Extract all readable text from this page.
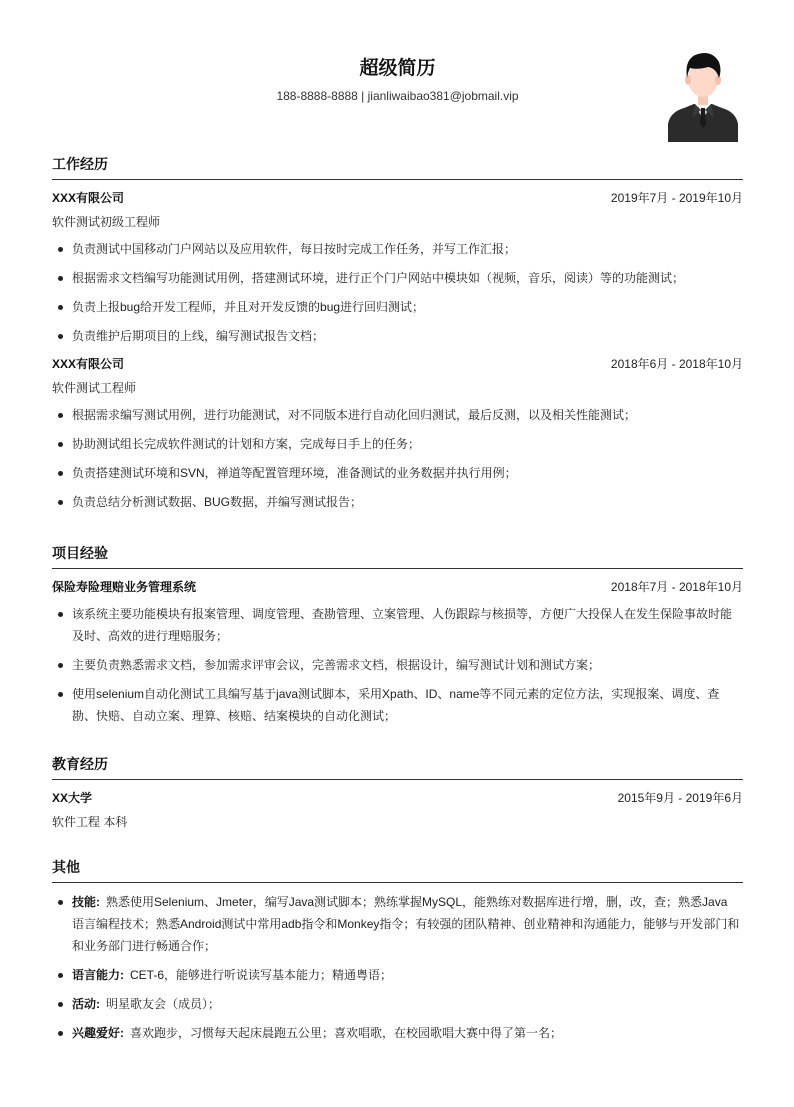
超级简历
188-8888-8888 | jianliwaibao381@jobmail.vip
工作经历
XXX有限公司	2019年7月 - 2019年10月
软件测试初级工程师
负责测试中国移动门户网站以及应用软件，每日按时完成工作任务，并写工作汇报；
根据需求文档编写功能测试用例，搭建测试环境，进行正个门户网站中模块如（视频，音乐，阅读）等的功能测试；
负责上报bug给开发工程师，并且对开发反馈的bug进行回归测试；
负责维护后期项目的上线，编写测试报告文档；
XXX有限公司	2018年6月 - 2018年10月
软件测试工程师
根据需求编写测试用例，进行功能测试，对不同版本进行自动化回归测试，最后反测，以及相关性能测试；
协助测试组长完成软件测试的计划和方案，完成每日手上的任务；
负责搭建测试环境和SVN，禅道等配置管理环境，准备测试的业务数据并执行用例；
负责总结分析测试数据、BUG数据，并编写测试报告；
项目经验
保险寿险理赔业务管理系统	2018年7月 - 2018年10月
该系统主要功能模块有报案管理、调度管理、查勘管理、立案管理、人伤跟踪与核损等，方便广大投保人在发生保险事故时能
及时、高效的进行理赔服务；
主要负责熟悉需求文档，参加需求评审会议，完善需求文档，根据设计，编写测试计划和测试方案；
使用selenium自动化测试工具编写基于java测试脚本，采用Xpath、ID、name等不同元素的定位方法，实现报案、调度、查
勘、快赔、自动立案、理算、核赔、结案模块的自动化测试；
教育经历
XX大学	2015年9月 - 2019年6月
软件工程 本科
其他
技能: 熟悉使用Selenium、Jmeter，编写Java测试脚本；熟练掌握MySQL，能熟练对数据库进行增，删，改，查；熟悉Java
语言编程技术；熟悉Android测试中常用adb指令和Monkey指令；有较强的团队精神、创业精神和沟通能力，能够与开发部门和
和业务部门进行畅通合作；
语言能力: CET-6，能够进行听说读写基本能力；精通粤语；
活动: 明星歌友会（成员）；
兴趣爱好: 喜欢跑步，习惯每天起床晨跑五公里；喜欢唱歌，在校园歌唱大赛中得了第一名；
